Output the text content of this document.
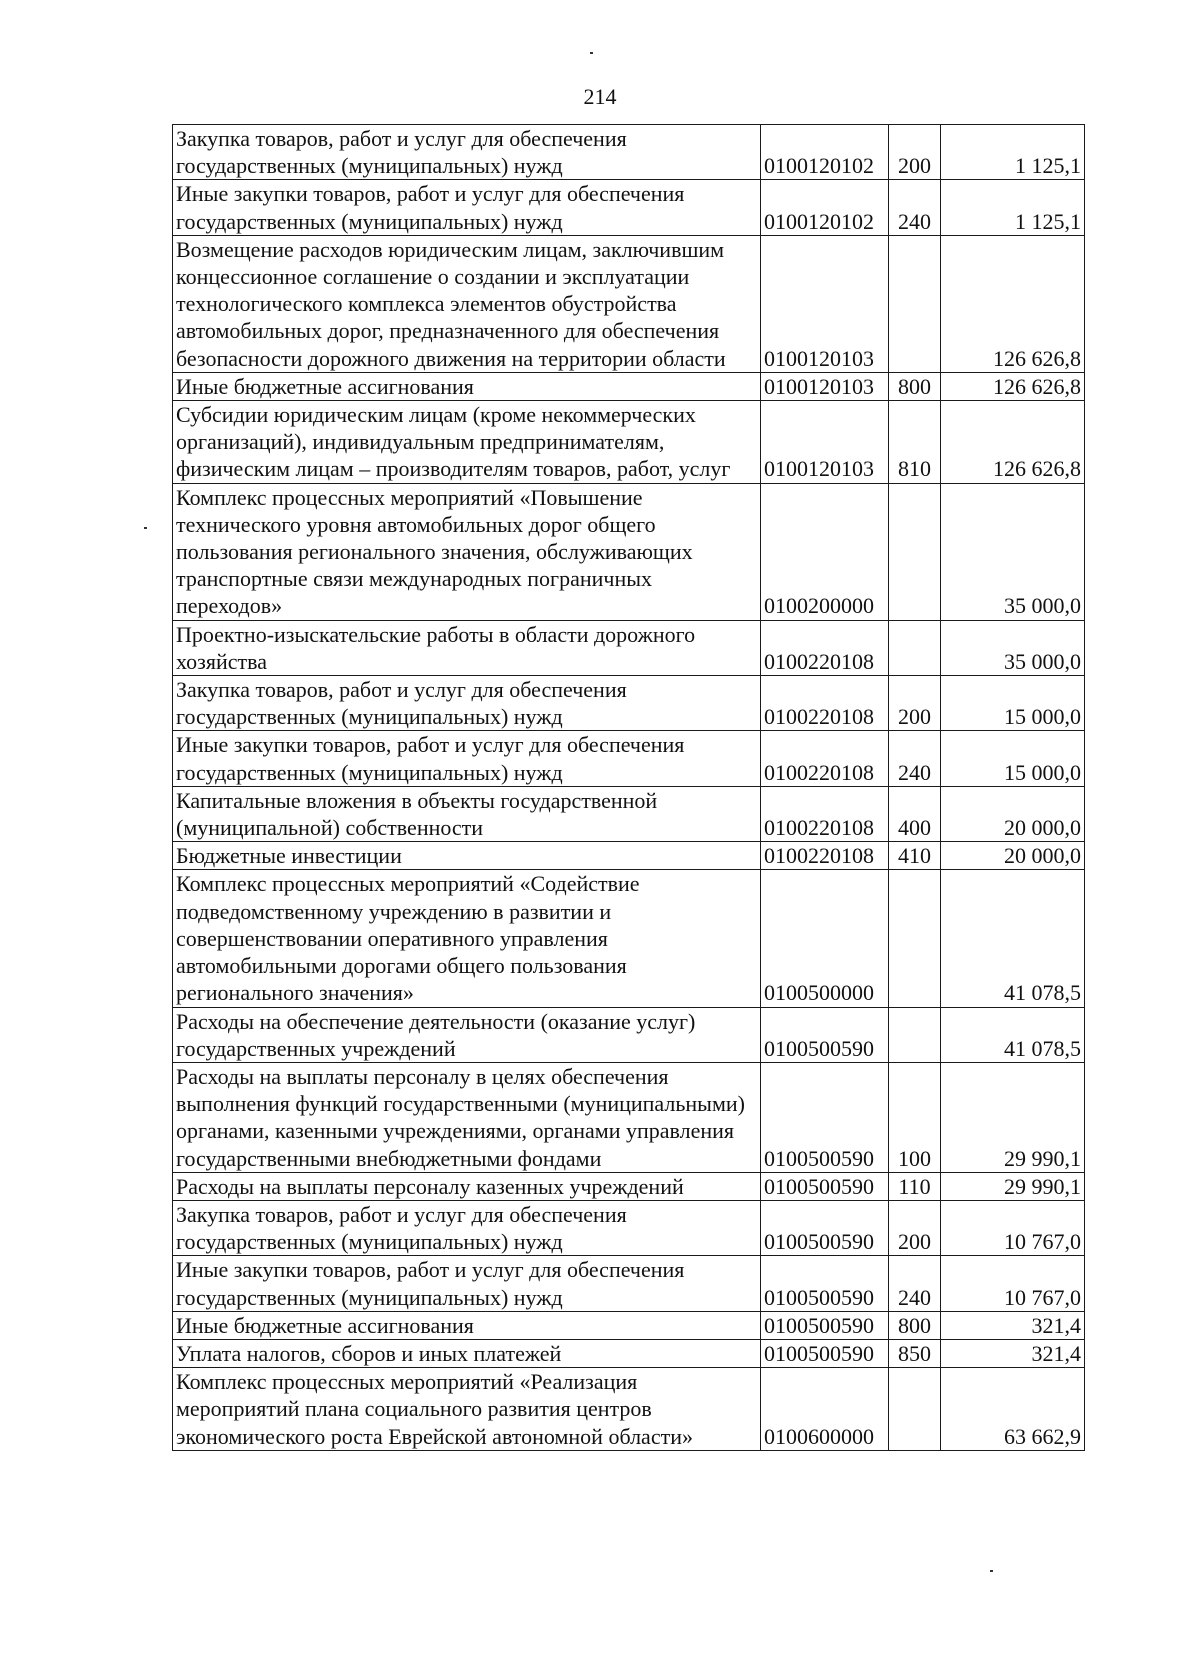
214
Закупка товаров, работ и услуг для обеспечения государственных (муниципальных) нужд	0100120102	200	1 125,1
Иные закупки товаров, работ и услуг для обеспечения государственных (муниципальных) нужд	0100120102	240	1 125,1
Возмещение расходов юридическим лицам, заключившим концессионное соглашение о создании и эксплуатации технологического комплекса элементов обустройства автомобильных дорог, предназначенного для обеспечения безопасности дорожного движения на территории области	0100120103		126 626,8
Иные бюджетные ассигнования	0100120103	800	126 626,8
Субсидии юридическим лицам (кроме некоммерческих организаций), индивидуальным предпринимателям, физическим лицам – производителям товаров, работ, услуг	0100120103	810	126 626,8
Комплекс процессных мероприятий «Повышение технического уровня автомобильных дорог общего пользования регионального значения, обслуживающих транспортные связи международных пограничных переходов»	0100200000		35 000,0
Проектно-изыскательские работы в области дорожного хозяйства	0100220108		35 000,0
Закупка товаров, работ и услуг для обеспечения государственных (муниципальных) нужд	0100220108	200	15 000,0
Иные закупки товаров, работ и услуг для обеспечения государственных (муниципальных) нужд	0100220108	240	15 000,0
Капитальные вложения в объекты государственной (муниципальной) собственности	0100220108	400	20 000,0
Бюджетные инвестиции	0100220108	410	20 000,0
Комплекс процессных мероприятий «Содействие подведомственному учреждению в развитии и совершенствовании оперативного управления автомобильными дорогами общего пользования регионального значения»	0100500000		41 078,5
Расходы на обеспечение деятельности (оказание услуг) государственных учреждений	0100500590		41 078,5
Расходы на выплаты персоналу в целях обеспечения выполнения функций государственными (муниципальными) органами, казенными учреждениями, органами управления государственными внебюджетными фондами	0100500590	100	29 990,1
Расходы на выплаты персоналу казенных учреждений	0100500590	110	29 990,1
Закупка товаров, работ и услуг для обеспечения государственных (муниципальных) нужд	0100500590	200	10 767,0
Иные закупки товаров, работ и услуг для обеспечения государственных (муниципальных) нужд	0100500590	240	10 767,0
Иные бюджетные ассигнования	0100500590	800	321,4
Уплата налогов, сборов и иных платежей	0100500590	850	321,4
Комплекс процессных мероприятий «Реализация мероприятий плана социального развития центров экономического роста Еврейской автономной области»	0100600000		63 662,9
